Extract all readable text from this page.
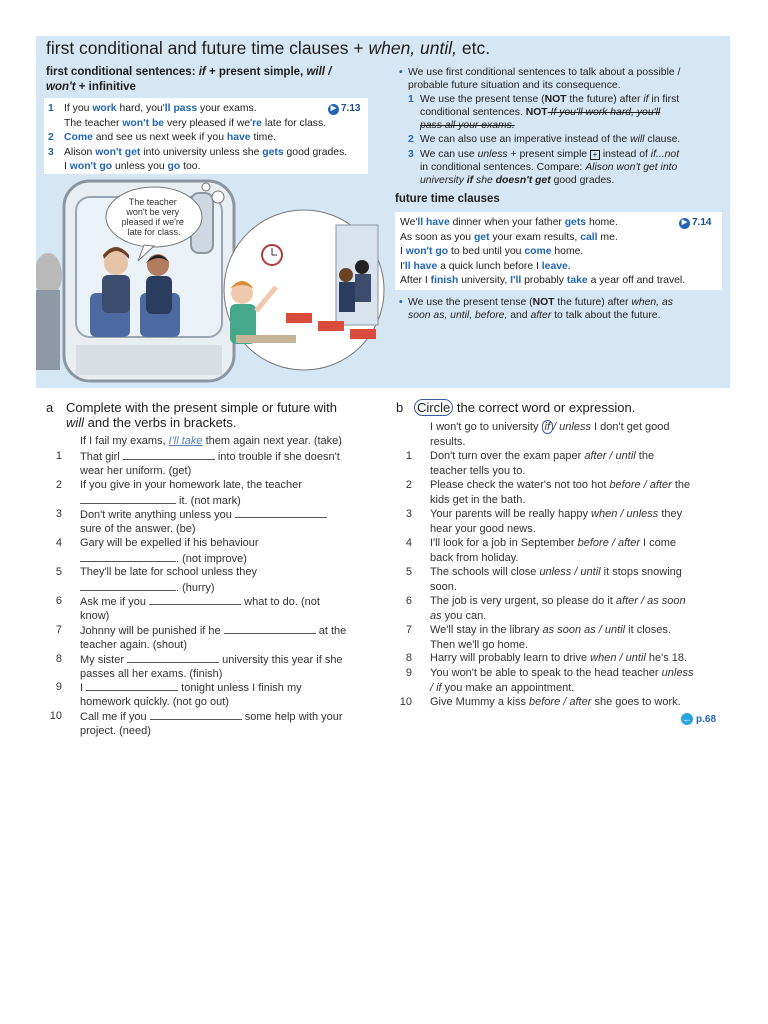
first conditional and future time clauses + when, until, etc.
first conditional sentences: if + present simple, will /
won't + infinitive
1 If you work hard, you'll pass your exams.
The teacher won't be very pleased if we're late for class.
2 Come and see us next week if you have time.
3 Alison won't get into university unless she gets good grades.
I won't go unless you go too.
▶ 7.13
• We use first conditional sentences to talk about a possible /
probable future situation and its consequence.
1 We use the present tense (NOT the future) after if in first
conditional sentences. NOT If you'll work hard, you'll
pass all your exams.
2 We can also use an imperative instead of the will clause.
3 We can use unless + present simple + instead of if...not
in conditional sentences. Compare: Alison won't get into
university if she doesn't get good grades.
future time clauses
We'll have dinner when your father gets home.
As soon as you get your exam results, call me.
I won't go to bed until you come home.
I'll have a quick lunch before I leave.
After I finish university, I'll probably take a year off and travel.
▶ 7.14
• We use the present tense (NOT the future) after when, as
soon as, until, before, and after to talk about the future.
The teacher won't be very pleased if we're late for class.
a Complete with the present simple or future with
will and the verbs in brackets.
If I fail my exams, I'll take them again next year. (take)
1 That girl	into trouble if she doesn't
wear her uniform. (get)
2 If you give in your homework late, the teacher
it. (not mark)
3 Don't write anything unless you
sure of the answer. (be)
4 Gary will be expelled if his behaviour
. (not improve)
5 They'll be late for school unless they
. (hurry)
6 Ask me if you	what to do. (not
know)
7 Johnny will be punished if he	at the
teacher again. (shout)
8 My sister	university this year if she
passes all her exams. (finish)
9 I	tonight unless I finish my
homework quickly. (not go out)
10 Call me if you	some help with your
project. (need)
b Circle the correct word or expression.
I won't go to university if / unless I don't get good
results.
1 Don't turn over the exam paper after / until the
teacher tells you to.
2 Please check the water's not too hot before / after the
kids get in the bath.
3 Your parents will be really happy when / unless they
hear your good news.
4 I'll look for a job in September before / after I come
back from holiday.
5 The schools will close unless / until it stops snowing
soon.
6 The job is very urgent, so please do it after / as soon
as you can.
7 We'll stay in the library as soon as / until it closes.
Then we'll go home.
8 Harry will probably learn to drive when / until he's 18.
9 You won't be able to speak to the head teacher unless
/ if you make an appointment.
10 Give Mummy a kiss before / after she goes to work.
← p.68
